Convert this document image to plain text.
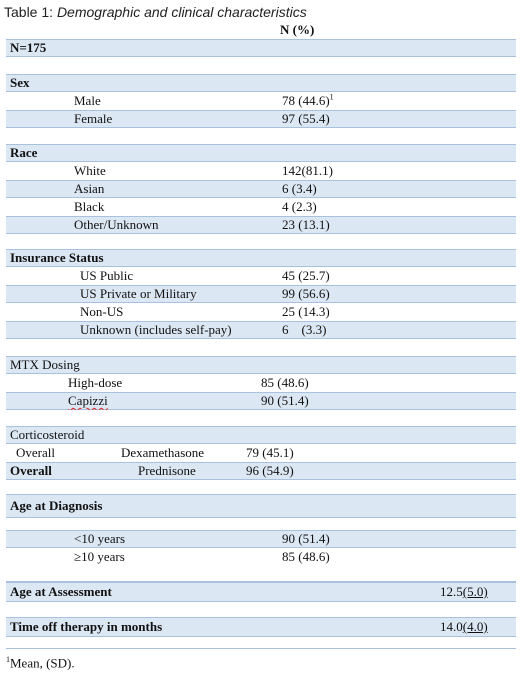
Table 1: Demographic and clinical characteristics
N (%)
N=175
Sex
Male	78 $(44.6)^1$
Female	97 (55.4)
Race
White	142(81.1)
Asian	6 (3.4)
Black	4 (2.3)
Other/Unknown	23 (13.1)
Insurance Status
US Public	45 (25.7)
US Private or Military	99 (56.6)
Non-US	25 (14.3)
Unknown (includes self-pay)	6    (3.3)
MTX Dosing
High-dose	85 (48.6)
Capizzi	90 (51.4)
Corticosteroid
Overall	Dexamethasone	79 (45.1)
Overall	Prednisone	96 (54.9)
Age at Diagnosis
<10 years	90 (51.4)
≥10 years	85 (48.6)
Age at Assessment	12.5(5.0)
Time off therapy in months	14.0(4.0)
$^1$Mean, (SD).
